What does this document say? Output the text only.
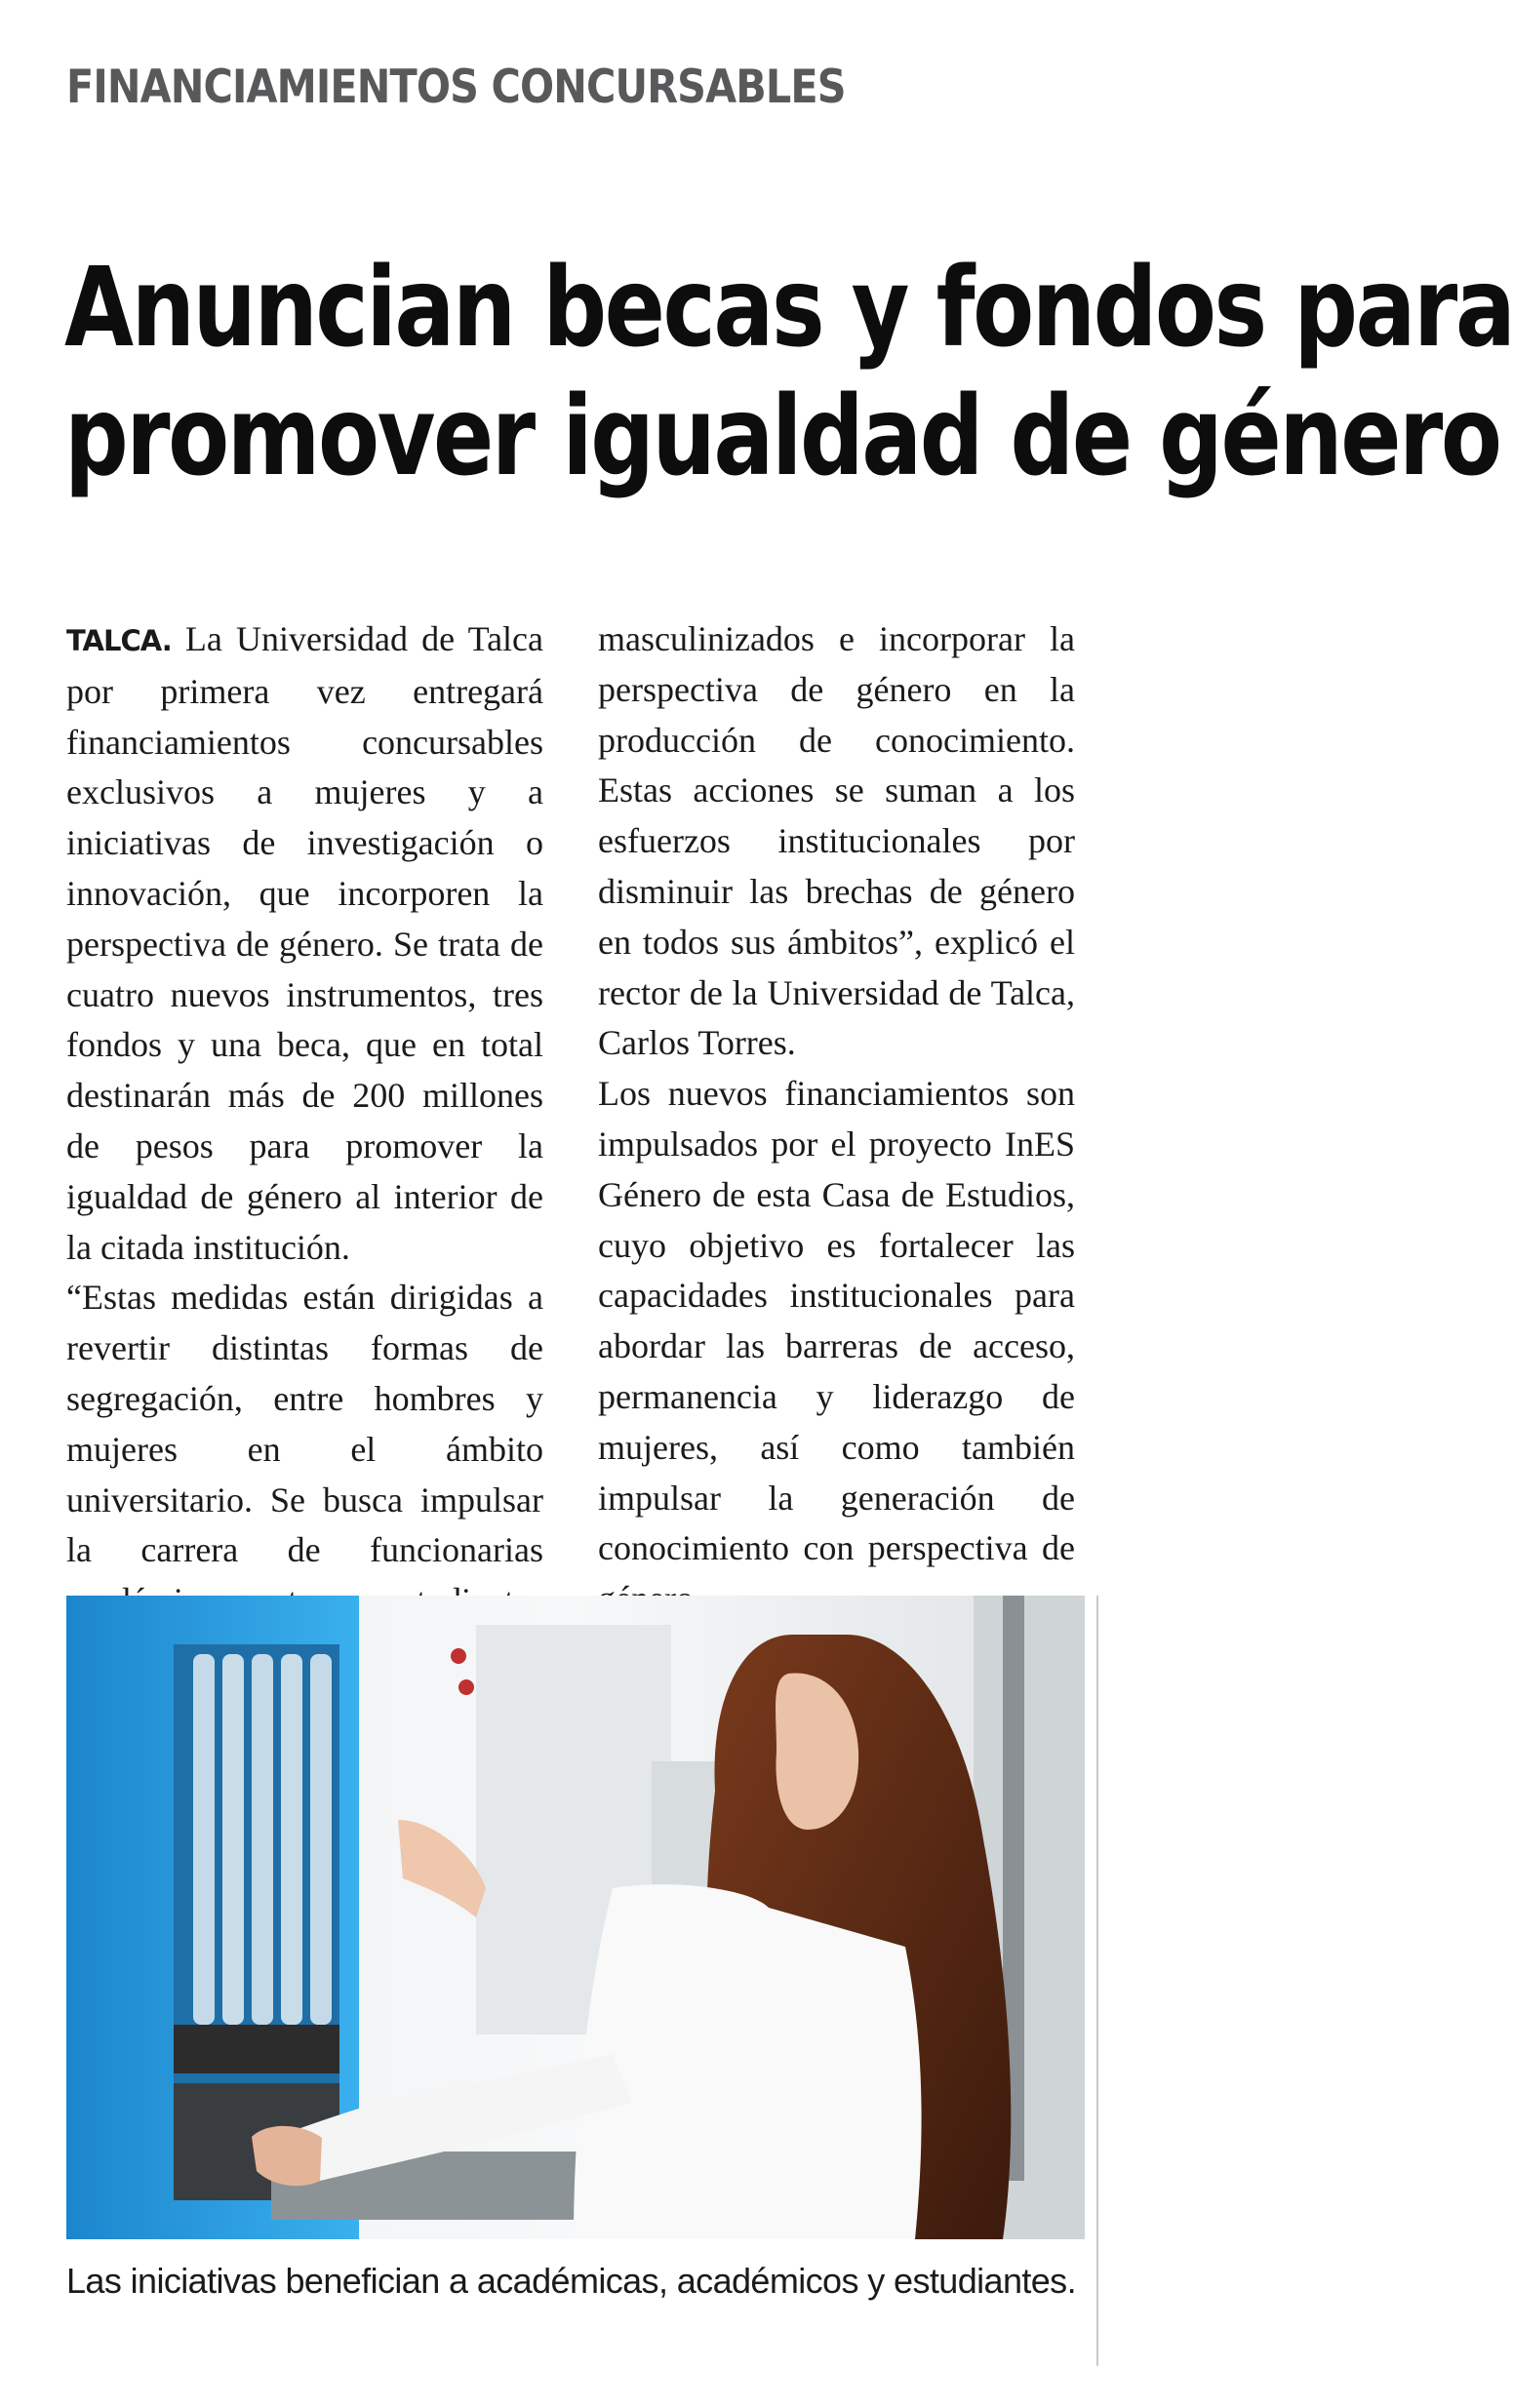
FINANCIAMIENTOS CONCURSABLES
Anuncian becas y fondos para
promover igualdad de género

TALCA. La Universidad de Talca por primera vez entregará financiamientos concursables exclusivos a mujeres y a iniciativas de investigación o innovación, que incorporen la perspectiva de género. Se trata de cuatro nuevos instrumentos, tres fondos y una beca, que en total destinarán más de 200 millones de pesos para promover la igualdad de género al interior de la citada institución.

“Estas medidas están dirigidas a revertir distintas formas de segregación, entre hombres y mujeres en el ámbito universitario. Se busca impulsar la carrera de funcionarias

masculinizados e incorporar la perspectiva de género en la producción de conocimiento. Estas acciones se suman a los esfuerzos institucionales por disminuir las brechas de género en todos sus ámbitos”, explicó el rector de la Universidad de Talca, Carlos Torres.

Los nuevos financiamientos son impulsados por el proyecto InES Género de esta Casa de Estudios, cuyo objetivo es fortalecer las capacidades institucionales para abordar las barreras de acceso, permanencia y liderazgo de mujeres, así como también impulsar la generación de conocimiento con perspectiva de

Las iniciativas benefician a académicas, académicos y estudiantes.
